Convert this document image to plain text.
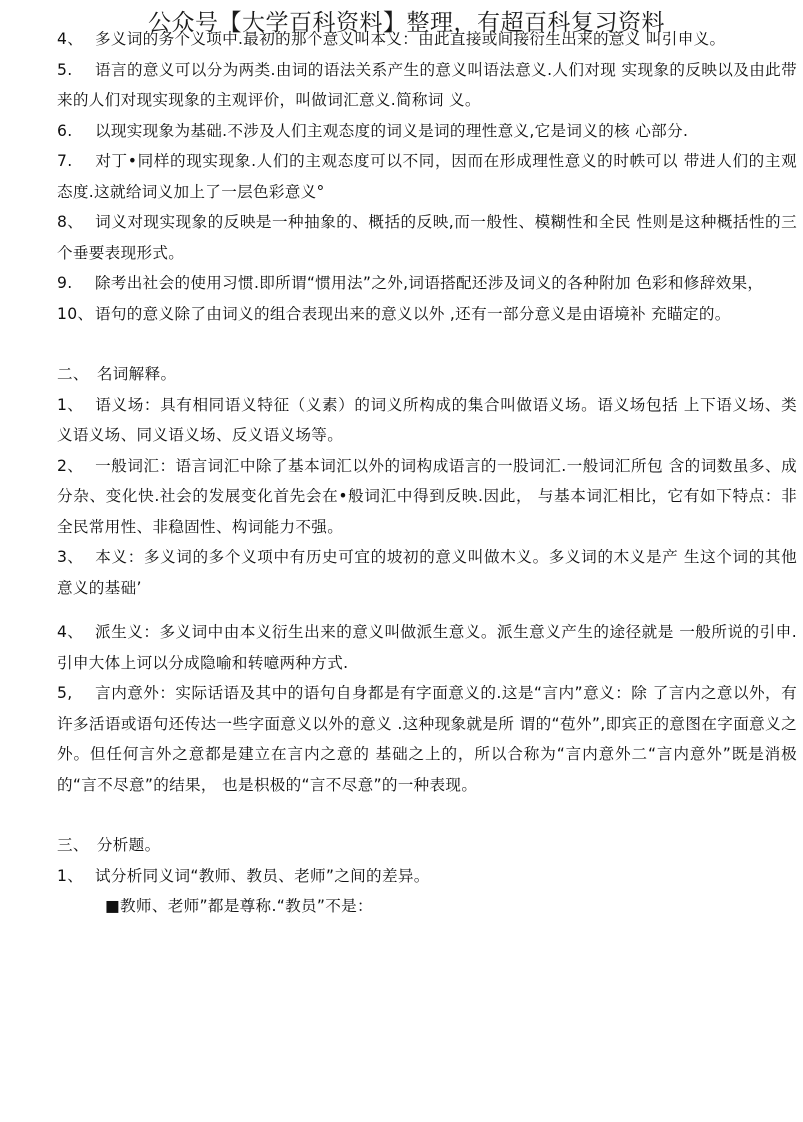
公众号【大学百科资料】整理，有超百科复习资料

4、 多义词的务个义项中.最初的那个意义叫本义：由此直接或间接衍生出来的意义 叫引申义。

5. 语言的意义可以分为两类.由词的语法关系产生的意义叫语法意义.人们对现 实现象的反映以及由此带来的人们对现实现象的主观评价，叫做词汇意义.简称词 义。

6. 以现实现象为基础.不涉及人们主观态度的词义是词的理性意义,它是词义的核 心部分.

7. 对丁•同样的现实现象.人们的主观态度可以不同，因而在形成理性意义的时帙可以 带进人们的主观态度.这就给词义加上了一层色彩意义°

8、 词义对现实现象的反映是一种抽象的、概括的反映,而一般性、模糊性和全民 性则是这种概括性的三个垂要表现形式。

9. 除考出社会的使用习惯.即所谓“惯用法”之外,词语搭配还涉及词义的各种附加 色彩和修辞效果，

10、 语句的意义除了由词义的组合表现出来的意义以外 ,还有一部分意义是由语境补 充瞄定的。

二、　名词解释。

1、 语义场：具有相同语义特征（义素）的词义所构成的集合叫做语义场。语义场包括 上下语义场、类义语义场、同义语义场、反义语义场等。

2、 一般词汇：语言词汇中除了基本词汇以外的词构成语言的一股词汇.一般词汇所包 含的词数虽多、成分杂、变化快.社会的发展变化首先会在•般词汇中得到反映.因此， 与基本词汇相比，它有如下特点：非全民常用性、非稳固性、构词能力不强。

3、 本义：多义词的多个义项中有历史可宜的坡初的意义叫做木义。多义词的木义是产 生这个词的其他意义的基础’

4、 派生义：多义词中由本义衍生出来的意义叫做派生意义。派生意义产生的途径就是 一般所说的引申.引申大体上诃以分成隐喻和转噫两种方式.

5, 言内意外：实际话语及其中的语句自身都是有字面意义的.这是“言内”意义：除 了言内之意以外，有许多活语或语句还传达一些字面意义以外的意义 .这种现象就是所 谓的“苞外”,即宾正的意图在字面意义之外。但任何言外之意都是建立在言内之意的 基础之上的，所以合称为“言内意外二“言内意外”既是消极的“言不尽意”的结果， 也是枳极的“言不尽意”的一种表现。

三、　分析题。

1、 试分析同义词“教师、教员、老师”之间的差异。

■教师、老师”都是尊称.“教员”不是：
